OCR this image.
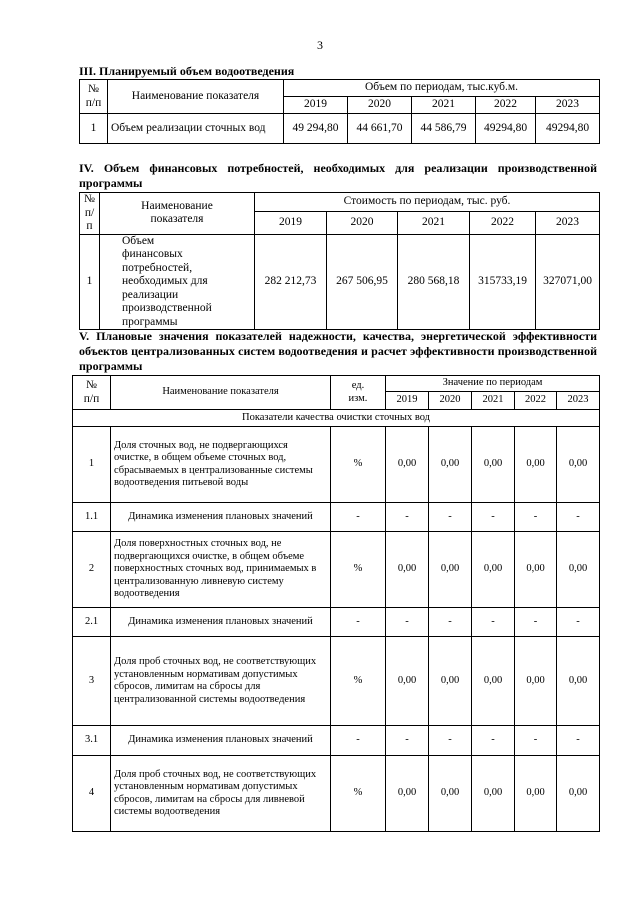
3
III. Планируемый объем водоотведения
№
п/п	Наименование показателя	Объем по периодам, тыс.куб.м.				
		2019	2020	2021	2022	2023
1	Объем реализации сточных вод	49 294,80	44 661,70	44 586,79	49294,80	49294,80
IV. Объем финансовых потребностей, необходимых для реализации производственной программы
№
п/п	Наименование
показателя	Стоимость по периодам, тыс. руб.				
		2019	2020	2021	2022	2023
1	Объем финансовых потребностей, необходимых для реализации производственной программы	282 212,73	267 506,95	280 568,18	315733,19	327071,00
V. Плановые значения показателей надежности, качества, энергетической эффективности объектов централизованных систем водоотведения и расчет эффективности производственной программы
№
п/п	Наименование показателя	ед.
изм.	Значение по периодам				
			2019	2020	2021	2022	2023
Показатели качества очистки сточных вод							
1	Доля сточных вод, не подвергающихся очистке, в общем объеме сточных вод, сбрасываемых в централизованные системы водоотведения питьевой воды	%	0,00	0,00	0,00	0,00	0,00
1.1	Динамика изменения плановых значений	-	-	-	-	-	-
2	Доля поверхностных сточных вод, не подвергающихся очистке, в общем объеме поверхностных сточных вод, принимаемых в централизованную ливневую систему водоотведения	%	0,00	0,00	0,00	0,00	0,00
2.1	Динамика изменения плановых значений	-	-	-	-	-	-
3	Доля проб сточных вод, не соответствующих установленным нормативам допустимых сбросов, лимитам на сбросы для централизованной системы водоотведения	%	0,00	0,00	0,00	0,00	0,00
3.1	Динамика изменения плановых значений	-	-	-	-	-	-
4	Доля проб сточных вод, не соответствующих установленным нормативам допустимых сбросов, лимитам на сбросы для ливневой системы водоотведения	%	0,00	0,00	0,00	0,00	0,00
